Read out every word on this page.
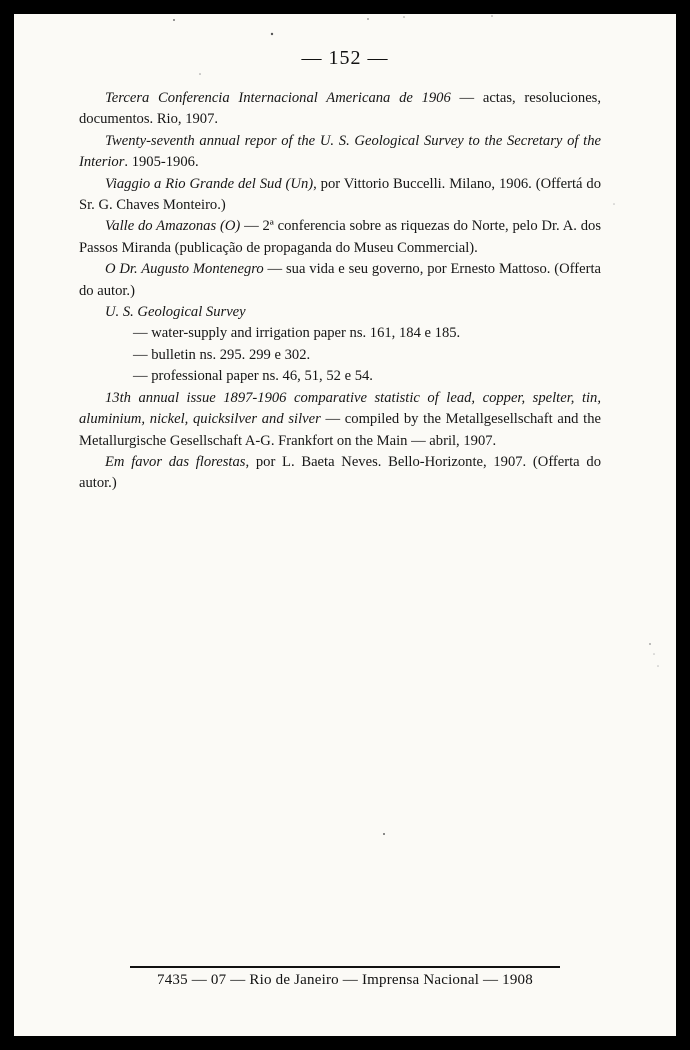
— 152 —

Tercera Conferencia Internacional Americana de 1906 — actas, resoluciones, documentos. Rio, 1907.

Twenty-seventh annual repor of the U. S. Geological Survey to the Secretary of the Interior. 1905-1906.

Viaggio a Rio Grande del Sud (Un), por Vittorio Buccelli. Milano, 1906. (Offertá do Sr. G. Chaves Monteiro.)

Valle do Amazonas (O) — 2ª conferencia sobre as riquezas do Norte, pelo Dr. A. dos Passos Miranda (publicação de propaganda do Museu Commercial).

O Dr. Augusto Montenegro — sua vida e seu governo, por Ernesto Mattoso. (Offerta do autor.)

U. S. Geological Survey

— water-supply and irrigation paper ns. 161, 184 e 185.

— bulletin ns. 295. 299 e 302.

— professional paper ns. 46, 51, 52 e 54.

13th annual issue 1897-1906 comparative statistic of lead, copper, spelter, tin, aluminium, nickel, quicksilver and silver — compiled by the Metallgesellschaft and the Metallurgische Gesellschaft A-G. Frankfort on the Main — abril, 1907.

Em favor das florestas, por L. Baeta Neves. Bello-Horizonte, 1907. (Offerta do autor.)

7435 — 07 — Rio de Janeiro — Imprensa Nacional — 1908
